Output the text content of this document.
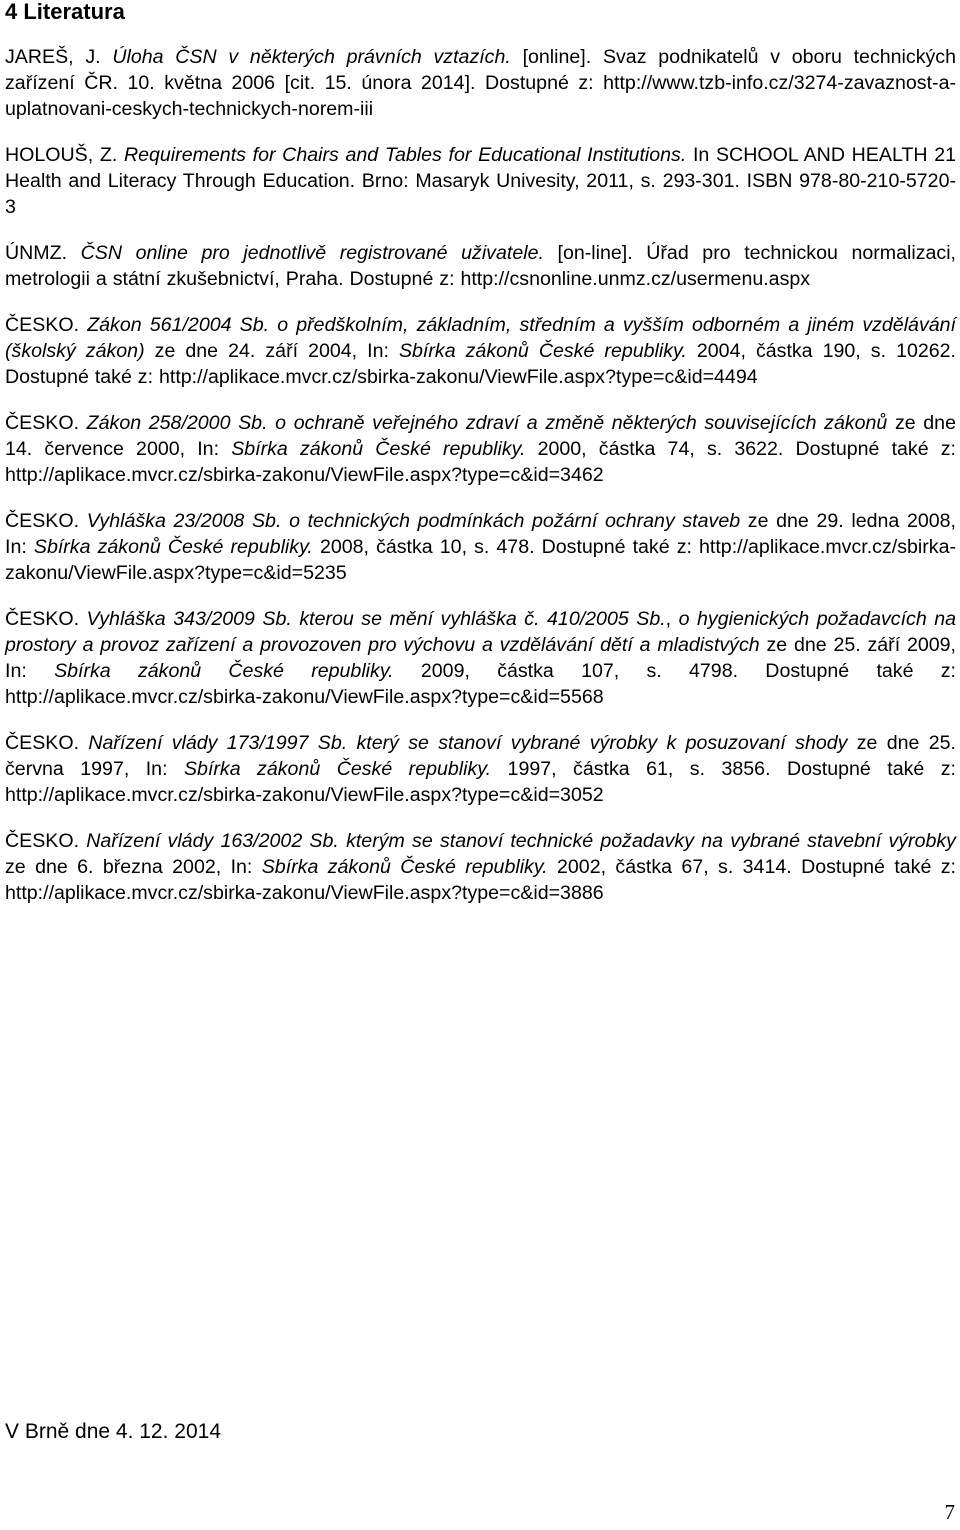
4 Literatura

JAREŠ, J. Úloha ČSN v některých právních vztazích. [online]. Svaz podnikatelů v oboru technických zařízení ČR. 10. května 2006 [cit. 15. února 2014]. Dostupné z: http://www.tzb-info.cz/3274-zavaznost-a-uplatnovani-ceskych-technickych-norem-iii

HOLOUŠ, Z. Requirements for Chairs and Tables for Educational Institutions. In SCHOOL AND HEALTH 21 Health and Literacy Through Education. Brno: Masaryk Univesity, 2011, s. 293-301. ISBN 978-80-210-5720-3

ÚNMZ. ČSN online pro jednotlivě registrované uživatele. [on-line]. Úřad pro technickou normalizaci, metrologii a státní zkušebnictví, Praha. Dostupné z: http://csnonline.unmz.cz/usermenu.aspx

ČESKO. Zákon 561/2004 Sb. o předškolním, základním, středním a vyšším odborném a jiném vzdělávání (školský zákon) ze dne 24. září 2004, In: Sbírka zákonů České republiky. 2004, částka 190, s. 10262. Dostupné také z: http://aplikace.mvcr.cz/sbirka-zakonu/ViewFile.aspx?type=c&id=4494

ČESKO. Zákon 258/2000 Sb. o ochraně veřejného zdraví a změně některých souvisejících zákonů ze dne 14. července 2000, In: Sbírka zákonů České republiky. 2000, částka 74, s. 3622. Dostupné také z: http://aplikace.mvcr.cz/sbirka-zakonu/ViewFile.aspx?type=c&id=3462

ČESKO. Vyhláška 23/2008 Sb. o technických podmínkách požární ochrany staveb ze dne 29. ledna 2008, In: Sbírka zákonů České republiky. 2008, částka 10, s. 478. Dostupné také z: http://aplikace.mvcr.cz/sbirka-zakonu/ViewFile.aspx?type=c&id=5235

ČESKO. Vyhláška 343/2009 Sb. kterou se mění vyhláška č. 410/2005 Sb., o hygienických požadavcích na prostory a provoz zařízení a provozoven pro výchovu a vzdělávání dětí a mladistvých ze dne 25. září 2009, In: Sbírka zákonů České republiky. 2009, částka 107, s. 4798. Dostupné také z: http://aplikace.mvcr.cz/sbirka-zakonu/ViewFile.aspx?type=c&id=5568

ČESKO. Nařízení vlády 173/1997 Sb. který se stanoví vybrané výrobky k posuzovaní shody ze dne 25. června 1997, In: Sbírka zákonů České republiky. 1997, částka 61, s. 3856. Dostupné také z: http://aplikace.mvcr.cz/sbirka-zakonu/ViewFile.aspx?type=c&id=3052

ČESKO. Nařízení vlády 163/2002 Sb. kterým se stanoví technické požadavky na vybrané stavební výrobky ze dne 6. března 2002, In: Sbírka zákonů České republiky. 2002, částka 67, s. 3414. Dostupné také z: http://aplikace.mvcr.cz/sbirka-zakonu/ViewFile.aspx?type=c&id=3886

V Brně dne 4. 12. 2014

7
